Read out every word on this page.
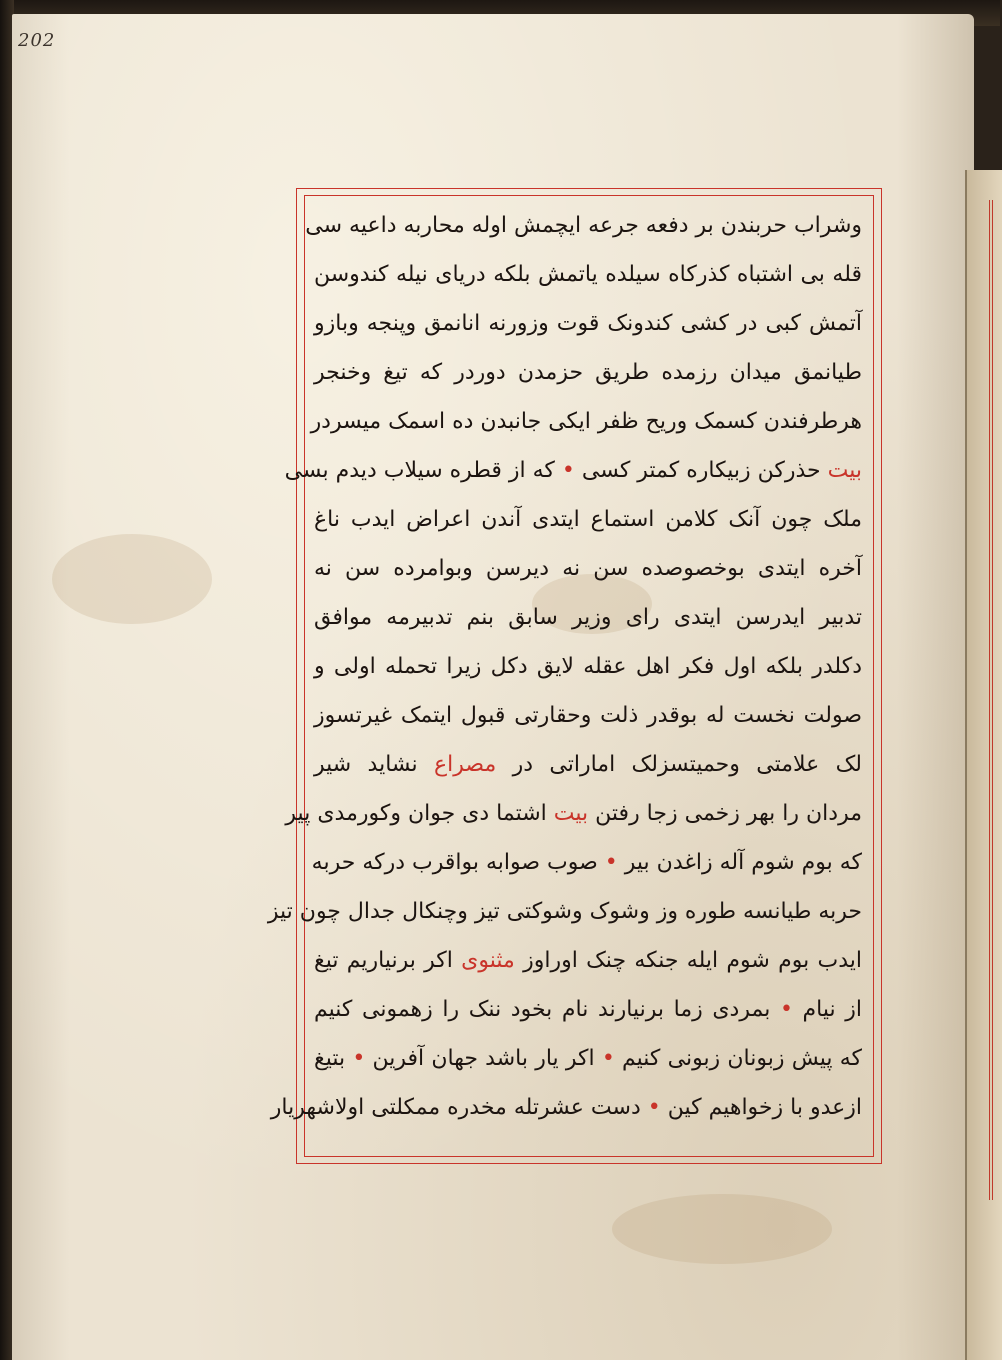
202
وشراب حربندن بر دفعه جرعه ایچمش اوله محاربه داعیه سی
قله بی اشتباه کذرکاه سیلده یاتمش بلکه دریای نیله کندوسن
آتمش کبی در کشی کندونک قوت وزورنه انانمق وپنجه وبازو
طیانمق میدان رزمده طریق حزمدن دوردر که تیغ وخنجر
هرطرفندن کسمک وریح ظفر ایکی جانبدن ده اسمک میسردر
بیت حذرکن زبیکاره کمتر کسی • که از قطره سیلاب دیدم بسی
ملک چون آنک کلامن استماع ایتدی آندن اعراض ایدب ناغ
آخره ایتدی بوخصوصده سن نه دیرسن وبوامرده سن نه
تدبیر ایدرسن ایتدی رای وزیر سابق بنم تدبیرمه موافق
دکلدر بلکه اول فکر اهل عقله لایق دکل زیرا تحمله اولی و
صولت نخست له بوقدر ذلت وحقارتی قبول ایتمک غیرتسوز
لک علامتی وحمیتسزلک اماراتی در مصراع نشاید شیر
مردان را بهر زخمی زجا رفتن بیت اشتما دی جوان وکورمدی پیر
که بوم شوم آله زاغدن بیر • صوب صوابه بواقرب درکه حربه
حربه طیانسه طوره وز وشوک وشوکتی تیز وچنکال جدال چون تیز
ایدب بوم شوم ایله جنکه چنک اوراوز مثنوی اکر برنیاریم تیغ
از نیام • بمردی زما برنیارند نام بخود ننک را زهمونی کنیم
که پیش زبونان زبونی کنیم • اکر یار باشد جهان آفرین • بتیغ
ازعدو با زخواهیم کین • دست عشرتله مخدره ممکلتی اولاشهریار
